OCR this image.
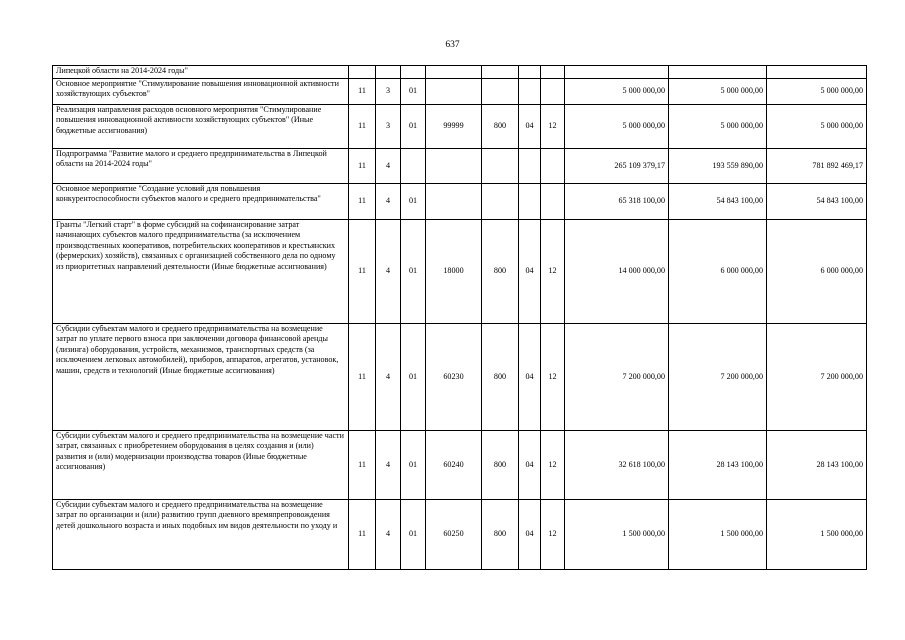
637
Липецкой области на 2014-2024 годы"										
Основное мероприятие "Стимулирование повышения инновационной активности хозяйствующих субъектов"	11	3	01					5 000 000,00	5 000 000,00	5 000 000,00
Реализация направления расходов основного мероприятия "Стимулирование повышения инновационной активности хозяйствующих субъектов" (Иные бюджетные ассигнования)	11	3	01	99999	800	04	12	5 000 000,00	5 000 000,00	5 000 000,00
Подпрограмма "Развитие малого и среднего предпринимательства в Липецкой области на 2014-2024 годы"	11	4						265 109 379,17	193 559 890,00	781 892 469,17
Основное мероприятие "Создание условий для повышения конкурентоспособности субъектов малого и среднего предпринимательства"	11	4	01					65 318 100,00	54 843 100,00	54 843 100,00
Гранты "Легкий старт" в форме субсидий на софинансирование затрат начинающих субъектов малого предпринимательства (за исключением производственных кооперативов, потребительских кооперативов и крестьянских (фермерских) хозяйств), связанных с организацией собственного дела по одному из приоритетных направлений деятельности (Иные бюджетные ассигнования)	11	4	01	18000	800	04	12	14 000 000,00	6 000 000,00	6 000 000,00
Субсидии субъектам малого и среднего предпринимательства на возмещение затрат по уплате первого взноса при заключении договора финансовой аренды (лизинга) оборудования, устройств, механизмов, транспортных средств (за исключением легковых автомобилей), приборов, аппаратов, агрегатов, установок, машин, средств и технологий (Иные бюджетные ассигнования)	11	4	01	60230	800	04	12	7 200 000,00	7 200 000,00	7 200 000,00
Субсидии субъектам малого и среднего предпринимательства на возмещение части затрат, связанных с приобретением оборудования в целях создания и (или) развития и (или) модернизации производства товаров (Иные бюджетные ассигнования)	11	4	01	60240	800	04	12	32 618 100,00	28 143 100,00	28 143 100,00
Субсидии субъектам малого и среднего предпринимательства на возмещение затрат по организации и (или) развитию групп дневного времяпрепровождения детей дошкольного возраста и иных подобных им видов деятельности по уходу и	11	4	01	60250	800	04	12	1 500 000,00	1 500 000,00	1 500 000,00
